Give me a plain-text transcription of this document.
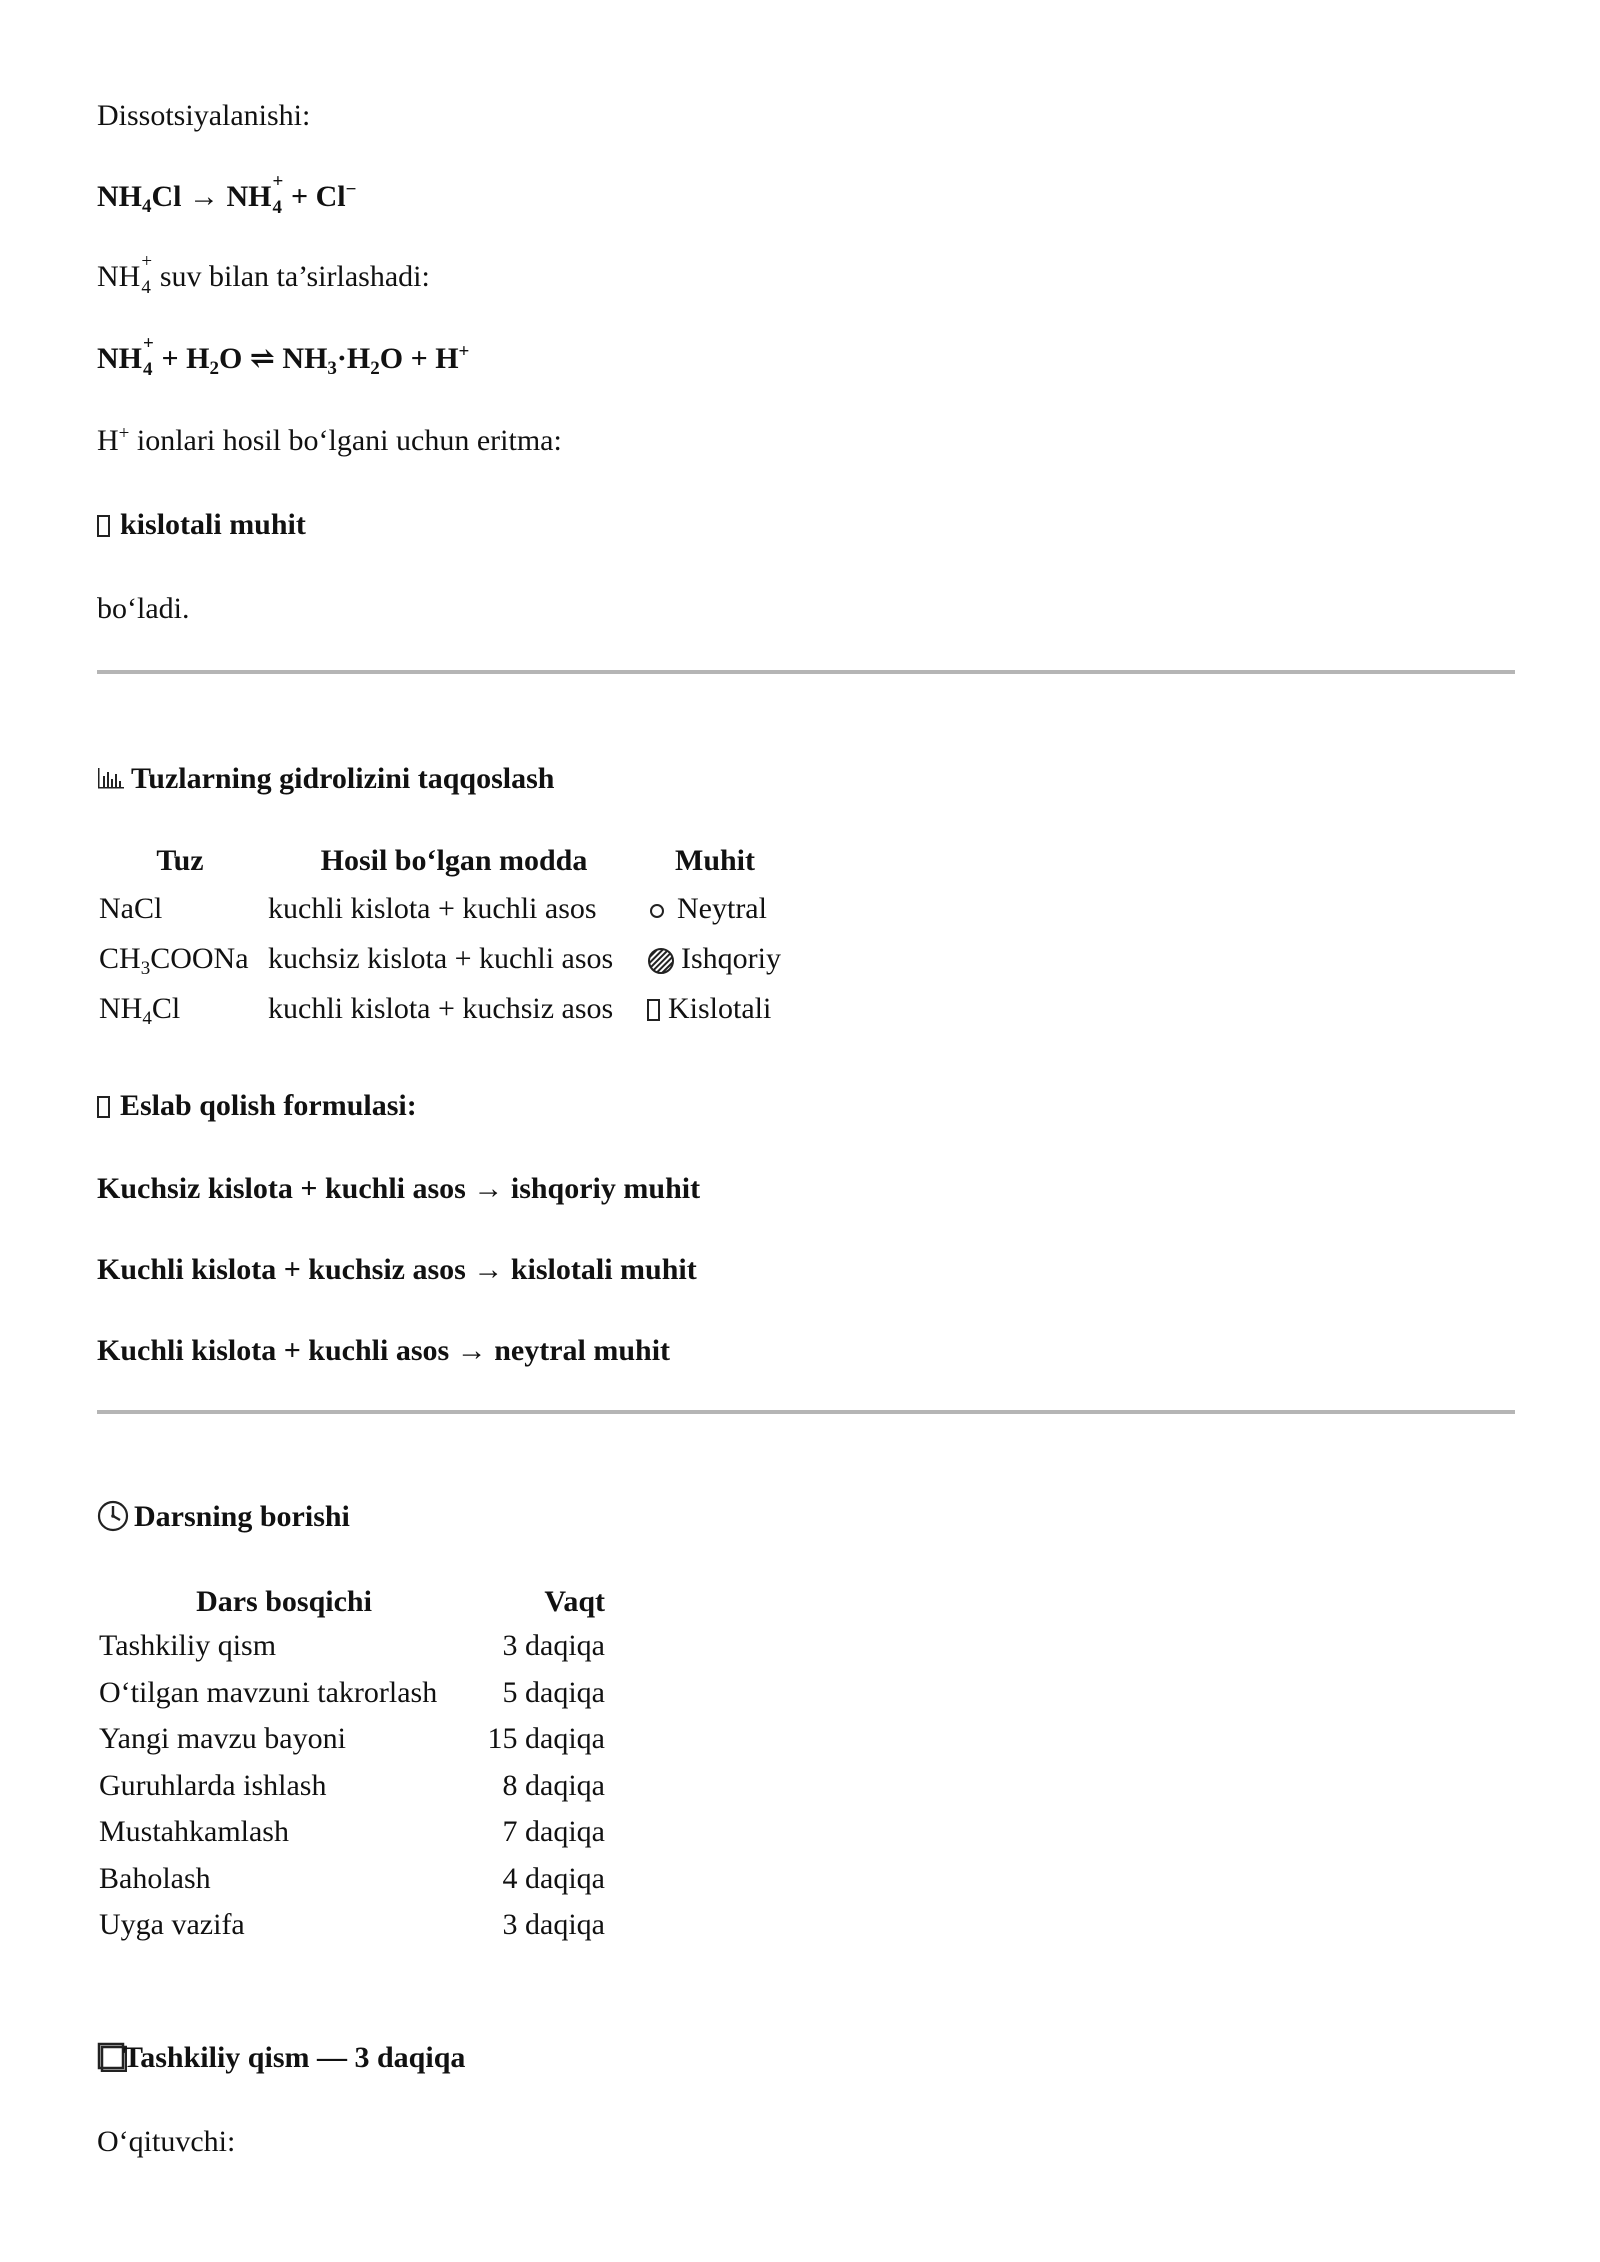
Dissotsiyalanishi:
$NH_4Cl$ → NH 4
+ + Cl−
NH 4
+ suv bilan ta’sirlashadi:
NH 4
+ + $H_2O$ ⇌ $NH_3\cdot H_2O + H^+$
H+ ionlari hosil bo‘lgani uchun eritma:
kislotali muhit
bo‘ladi.
Tuzlarning gidrolizini taqqoslash
Tuz	Hosil bo‘lgan modda	Muhit
NaCl	kuchli kislota + kuchli asos	Neytral
$CH_3COONa$	kuchsiz kislota + kuchli asos	Ishqoriy
$NH_4Cl$	kuchli kislota + kuchsiz asos	Kislotali
Eslab qolish formulasi:
Kuchsiz kislota + kuchli asos → ishqoriy muhit
Kuchli kislota + kuchsiz asos → kislotali muhit
Kuchli kislota + kuchli asos → neytral muhit
Darsning borishi
Dars bosqichi	Vaqt
Tashkiliy qism	3 daqiqa
O‘tilgan mavzuni takrorlash	5 daqiqa
Yangi mavzu bayoni	15 daqiqa
Guruhlarda ishlash	8 daqiqa
Mustahkamlash	7 daqiqa
Baholash	4 daqiqa
Uyga vazifa	3 daqiqa
Tashkiliy qism — 3 daqiqa
O‘qituvchi:
